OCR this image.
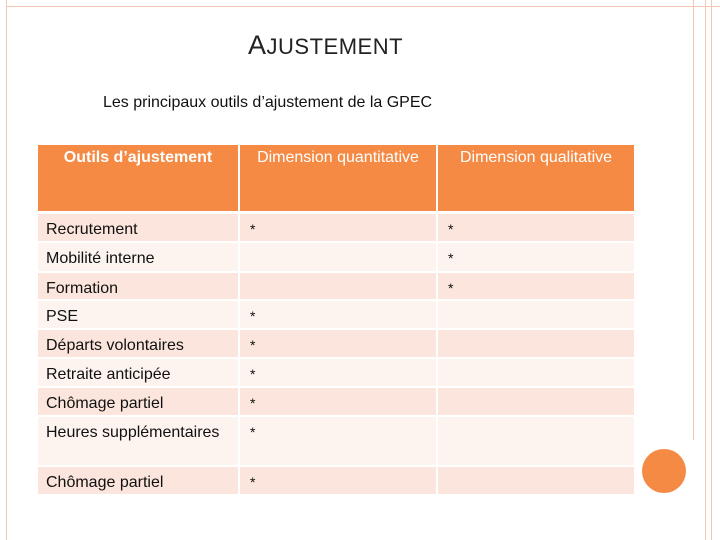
AJUSTEMENT
Les principaux outils d’ajustement de la GPEC
Outils d’ajustement	Dimension quantitative	Dimension qualitative
Recrutement	*	*
Mobilité interne		*
Formation		*
PSE	*	
Départs volontaires	*	
Retraite anticipée	*	
Chômage partiel	*	
Heures supplémentaires	*	
Chômage partiel	*	
